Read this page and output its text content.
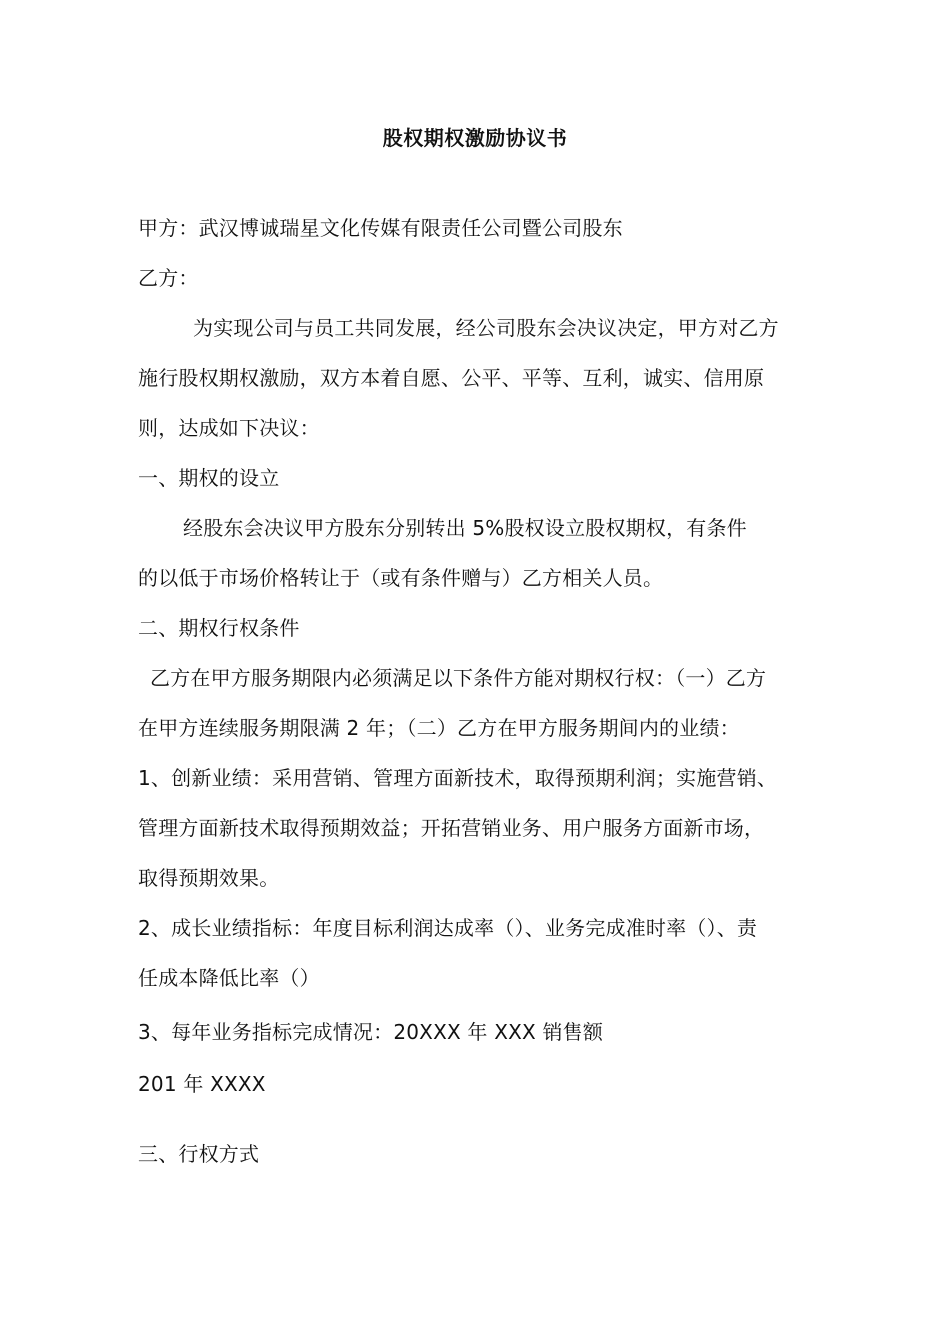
股权期权激励协议书
甲方：武汉博诚瑞星文化传媒有限责任公司暨公司股东
乙方：
为实现公司与员工共同发展，经公司股东会决议决定，甲方对乙方
施行股权期权激励，双方本着自愿、公平、平等、互利，诚实、信用原
则，达成如下决议：
一、期权的设立
经股东会决议甲方股东分别转出 5%股权设立股权期权，有条件
的以低于市场价格转让于（或有条件赠与）乙方相关人员。
二、期权行权条件
乙方在甲方服务期限内必须满足以下条件方能对期权行权：（一）乙方
在甲方连续服务期限满 2 年；（二）乙方在甲方服务期间内的业绩：
1、创新业绩：采用营销、管理方面新技术，取得预期利润；实施营销、
管理方面新技术取得预期效益；开拓营销业务、用户服务方面新市场，
取得预期效果。
2、成长业绩指标：年度目标利润达成率（）、业务完成准时率（）、责
任成本降低比率（）
3、每年业务指标完成情况：20XXX 年 XXX 销售额
201 年 XXXX
三、行权方式
